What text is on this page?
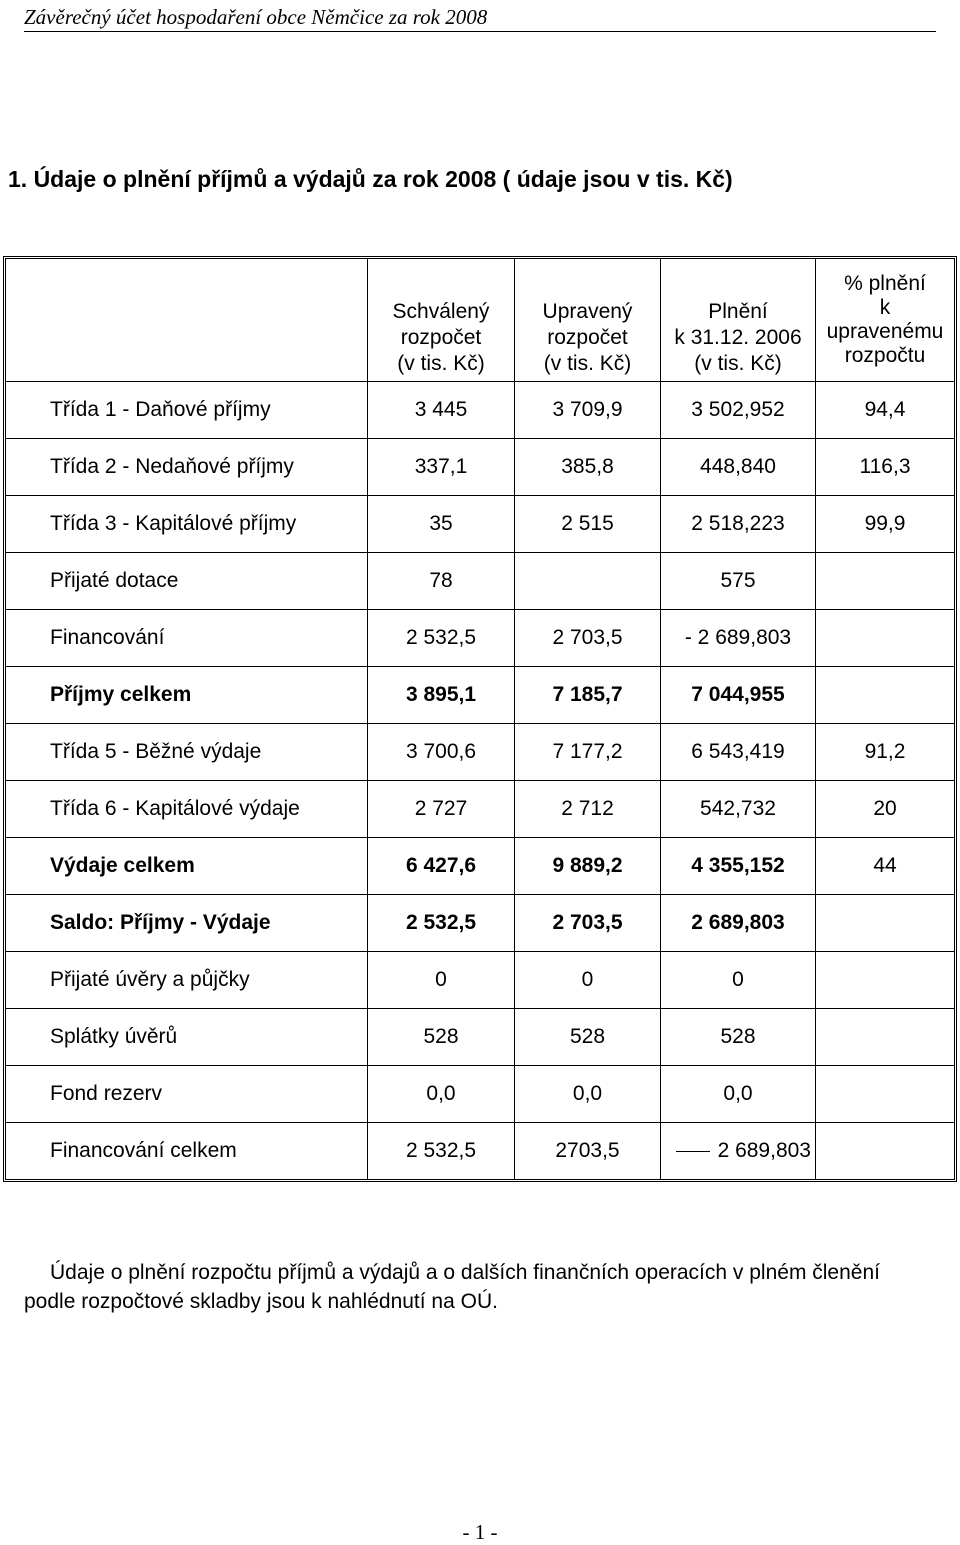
Závěrečný účet hospodaření obce Němčice za rok 2008
1. Údaje o plnění příjmů a výdajů za rok 2008 ( údaje jsou v tis. Kč)
	Schválený
rozpočet
(v tis. Kč)	Upravený
rozpočet
(v tis. Kč)	Plnění
k 31.12. 2006
(v tis. Kč)	% plnění
k
upravenému
rozpočtu
Třída 1 - Daňové příjmy	3 445	3 709,9	3 502,952	94,4
Třída 2 - Nedaňové příjmy	337,1	385,8	448,840	116,3
Třída 3 - Kapitálové příjmy	35	2 515	2 518,223	99,9
Přijaté dotace	78		575	
Financování	2 532,5	2 703,5	- 2 689,803	
Příjmy celkem	3 895,1	7 185,7	7 044,955	
Třída 5 - Běžné výdaje	3 700,6	7 177,2	6 543,419	91,2
Třída 6 - Kapitálové výdaje	2 727	2 712	542,732	20
Výdaje celkem	6 427,6	9 889,2	4 355,152	44
Saldo: Příjmy - Výdaje	2 532,5	2 703,5	2 689,803	
Přijaté úvěry a půjčky	0	0	0	
Splátky úvěrů	528	528	528	
Fond rezerv	0,0	0,0	0,0	
Financování celkem	2 532,5	2703,5	2 689,803	
Údaje o plnění rozpočtu příjmů a výdajů a o dalších finančních operacích v plném členění podle rozpočtové skladby jsou k nahlédnutí na OÚ.
- 1 -
